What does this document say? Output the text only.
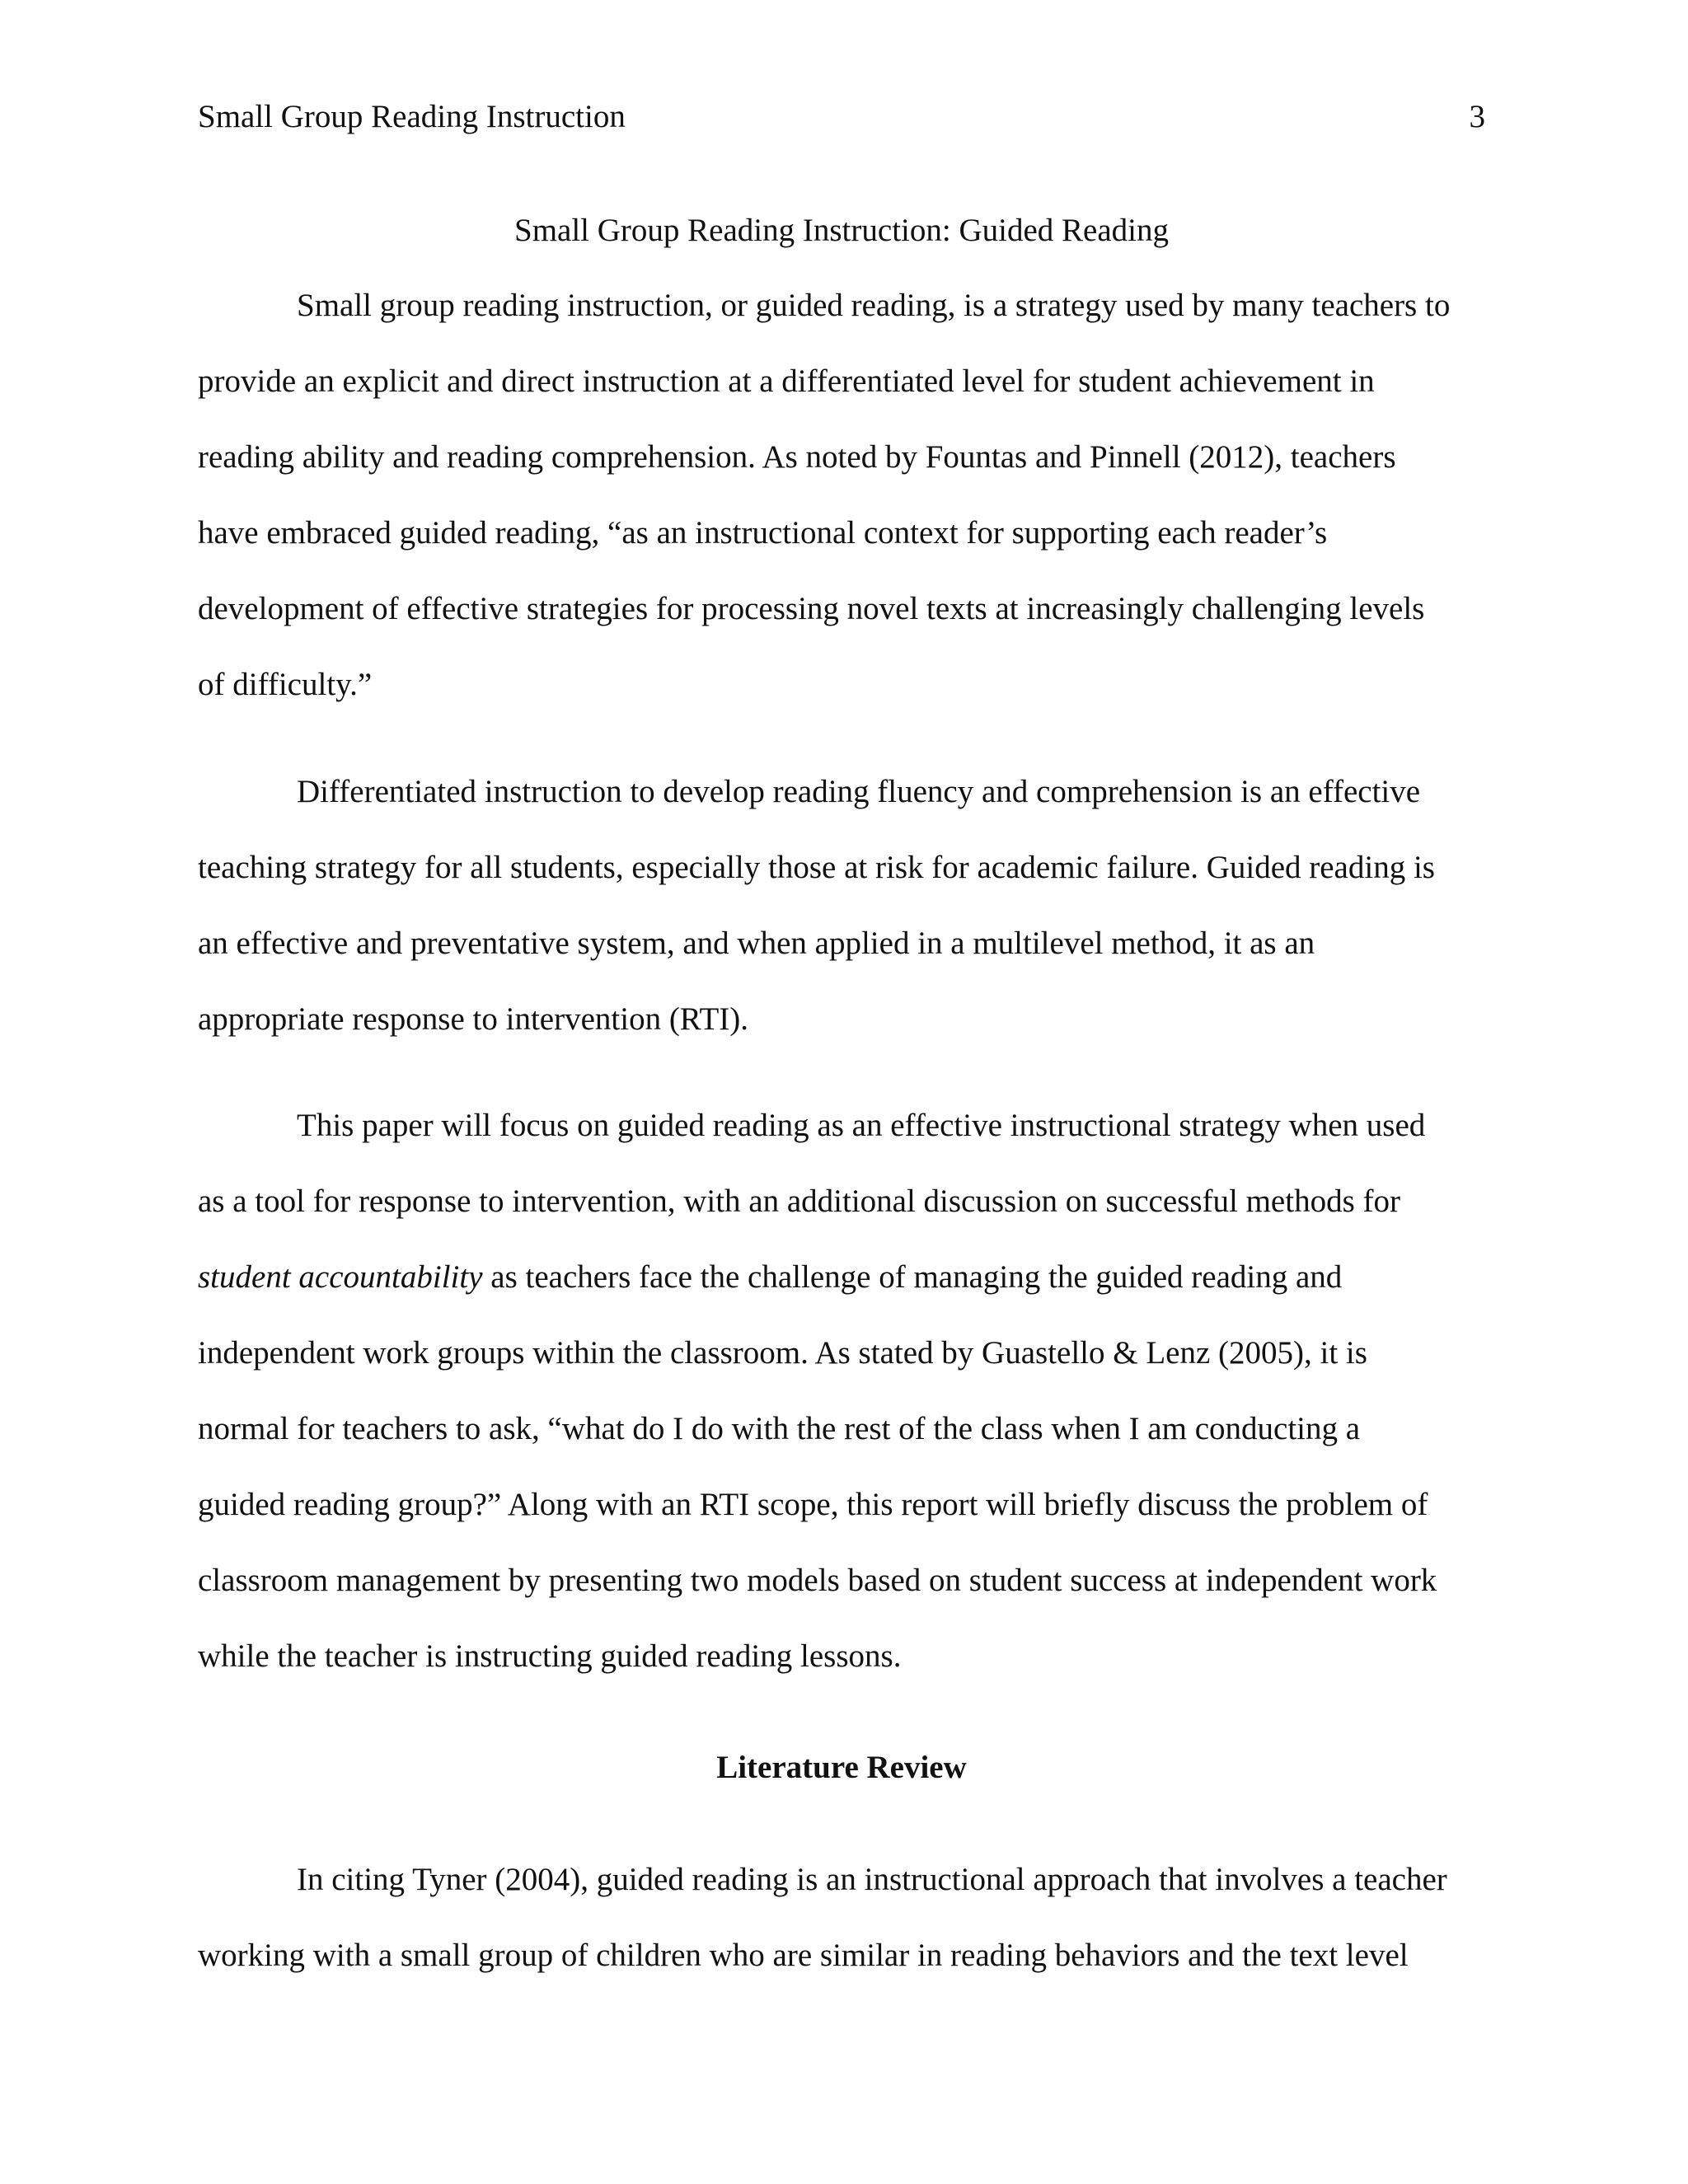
Small Group Reading Instruction	3
Small Group Reading Instruction: Guided Reading
Small group reading instruction, or guided reading, is a strategy used by many teachers to
provide an explicit and direct instruction at a differentiated level for student achievement in
reading ability and reading comprehension. As noted by Fountas and Pinnell (2012), teachers
have embraced guided reading, “as an instructional context for supporting each reader’s
development of effective strategies for processing novel texts at increasingly challenging levels
of difficulty.”
Differentiated instruction to develop reading fluency and comprehension is an effective
teaching strategy for all students, especially those at risk for academic failure. Guided reading is
an effective and preventative system, and when applied in a multilevel method, it as an
appropriate response to intervention (RTI).
This paper will focus on guided reading as an effective instructional strategy when used
as a tool for response to intervention, with an additional discussion on successful methods for
student accountability as teachers face the challenge of managing the guided reading and
independent work groups within the classroom. As stated by Guastello & Lenz (2005), it is
normal for teachers to ask, “what do I do with the rest of the class when I am conducting a
guided reading group?” Along with an RTI scope, this report will briefly discuss the problem of
classroom management by presenting two models based on student success at independent work
while the teacher is instructing guided reading lessons.
Literature Review
In citing Tyner (2004), guided reading is an instructional approach that involves a teacher
working with a small group of children who are similar in reading behaviors and the text level
